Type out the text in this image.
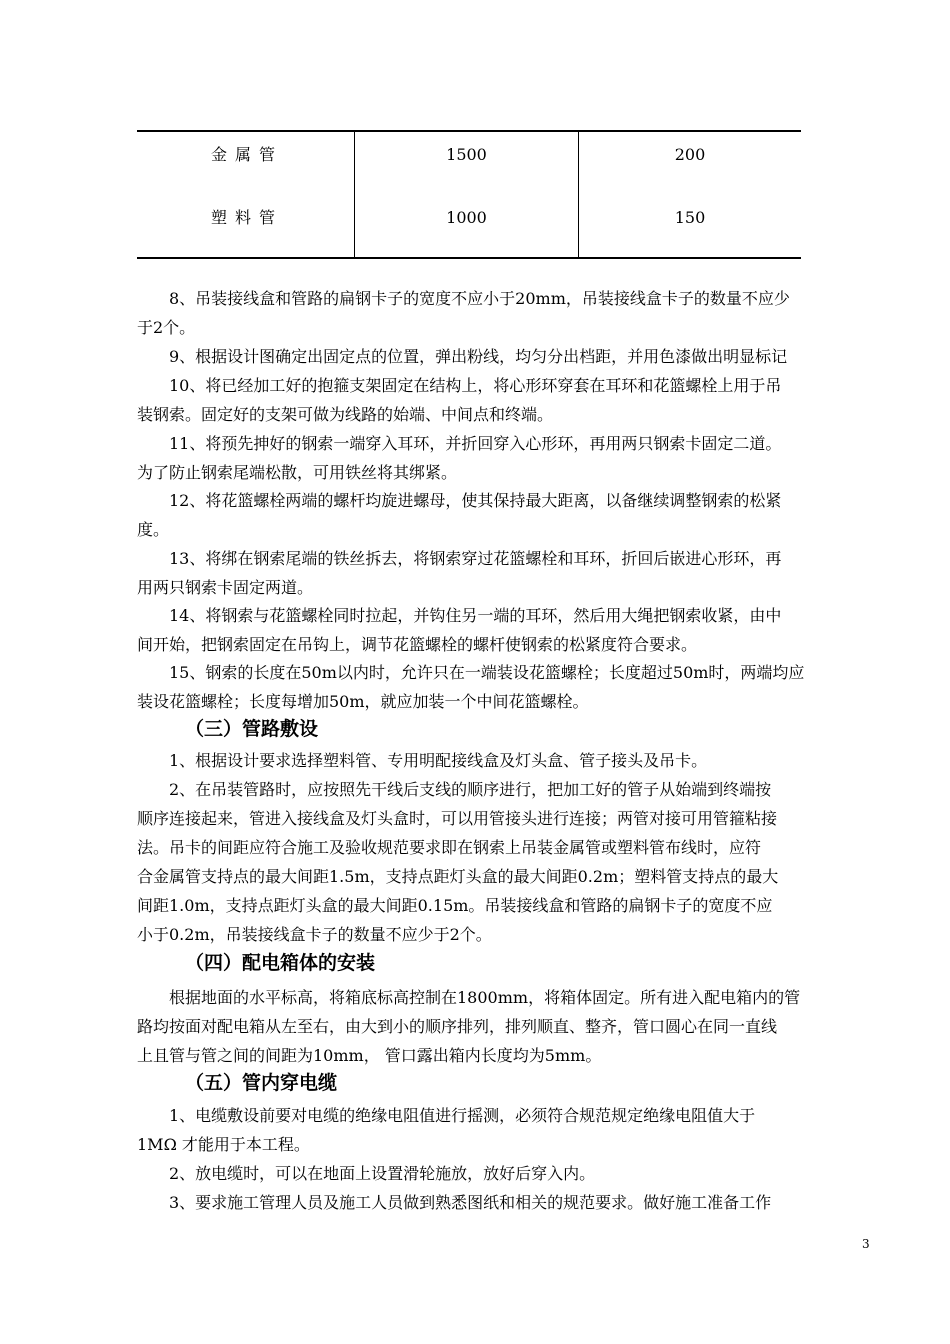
金属管	1500	200
塑料管	1000	150

8、吊装接线盒和管路的扁钢卡子的宽度不应小于20mm，吊装接线盒卡子的数量不应少
于2个。

9、根据设计图确定出固定点的位置，弹出粉线，均匀分出档距，并用色漆做出明显标记

10、将已经加工好的抱箍支架固定在结构上，将心形环穿套在耳环和花篮螺栓上用于吊
装钢索。固定好的支架可做为线路的始端、中间点和终端。

11、将预先抻好的钢索一端穿入耳环，并折回穿入心形环，再用两只钢索卡固定二道。
为了防止钢索尾端松散，可用铁丝将其绑紧。

12、将花篮螺栓两端的螺杆均旋进螺母，使其保持最大距离，以备继续调整钢索的松紧
度。

13、将绑在钢索尾端的铁丝拆去，将钢索穿过花篮螺栓和耳环，折回后嵌进心形环，再
用两只钢索卡固定两道。

14、将钢索与花篮螺栓同时拉起，并钩住另一端的耳环，然后用大绳把钢索收紧，由中
间开始，把钢索固定在吊钩上，调节花篮螺栓的螺杆使钢索的松紧度符合要求。

15、钢索的长度在50m以内时，允许只在一端装设花篮螺栓；长度超过50m时，两端均应
装设花篮螺栓；长度每增加50m，就应加装一个中间花篮螺栓。

（三）管路敷设

1、根据设计要求选择塑料管、专用明配接线盒及灯头盒、管子接头及吊卡。

2、在吊装管路时，应按照先干线后支线的顺序进行，把加工好的管子从始端到终端按
顺序连接起来，管进入接线盒及灯头盒时，可以用管接头进行连接；两管对接可用管箍粘接
法。吊卡的间距应符合施工及验收规范要求即在钢索上吊装金属管或塑料管布线时，应符
合金属管支持点的最大间距1.5m，支持点距灯头盒的最大间距0.2m；塑料管支持点的最大
间距1.0m，支持点距灯头盒的最大间距0.15m。吊装接线盒和管路的扁钢卡子的宽度不应
小于0.2m，吊装接线盒卡子的数量不应少于2个。

（四）配电箱体的安装

根据地面的水平标高，将箱底标高控制在1800mm，将箱体固定。所有进入配电箱内的管
路均按面对配电箱从左至右，由大到小的顺序排列，排列顺直、整齐，管口圆心在同一直线
上且管与管之间的间距为10mm， 管口露出箱内长度均为5mm。

（五）管内穿电缆

1、电缆敷设前要对电缆的绝缘电阻值进行摇测，必须符合规范规定绝缘电阻值大于
1MΩ 才能用于本工程。

2、放电缆时，可以在地面上设置滑轮施放，放好后穿入内。

3、要求施工管理人员及施工人员做到熟悉图纸和相关的规范要求。做好施工准备工作

3
